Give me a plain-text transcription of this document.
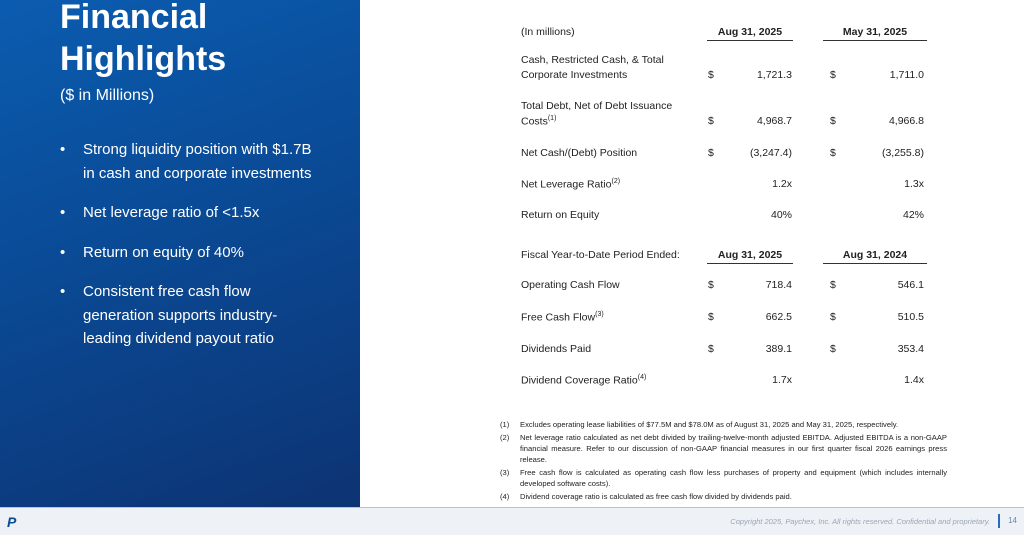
Financial Highlights
($ in Millions)
• Strong liquidity position with $1.7B in cash and corporate investments
• Net leverage ratio of <1.5x
• Return on equity of 40%
• Consistent free cash flow generation supports industry-leading dividend payout ratio
(In millions)	Aug 31, 2025	May 31, 2025
Cash, Restricted Cash, & Total
Corporate Investments	$	1,721.3	$	1,711.0
Total Debt, Net of Debt Issuance
Costs$^{(1)}$	$	4,968.7	$	4,966.8
Net Cash/(Debt) Position	$	(3,247.4)	$	(3,255.8)
Net Leverage Ratio$^{(2)}$	1.2x	1.3x
Return on Equity	40%	42%
Fiscal Year-to-Date Period Ended:	Aug 31, 2025	Aug 31, 2024
Operating Cash Flow	$	718.4	$	546.1
Free Cash Flow$^{(3)}$	$	662.5	$	510.5
Dividends Paid	$	389.1	$	353.4
Dividend Coverage Ratio$^{(4)}$	1.7x	1.4x
(1)	Excludes operating lease liabilities of $77.5M and $78.0M as of August 31, 2025 and May 31, 2025, respectively.
(2)	Net leverage ratio calculated as net debt divided by trailing-twelve-month adjusted EBITDA. Adjusted EBITDA is a non-GAAP financial measure. Refer to our discussion of non-GAAP financial measures in our first quarter fiscal 2026 earnings press release.
(3)	Free cash flow is calculated as operating cash flow less purchases of property and equipment (which includes internally developed software costs).
(4)	Dividend coverage ratio is calculated as free cash flow divided by dividends paid.
P	Copyright 2025, Paychex, Inc. All rights reserved. Confidential and proprietary. 14
